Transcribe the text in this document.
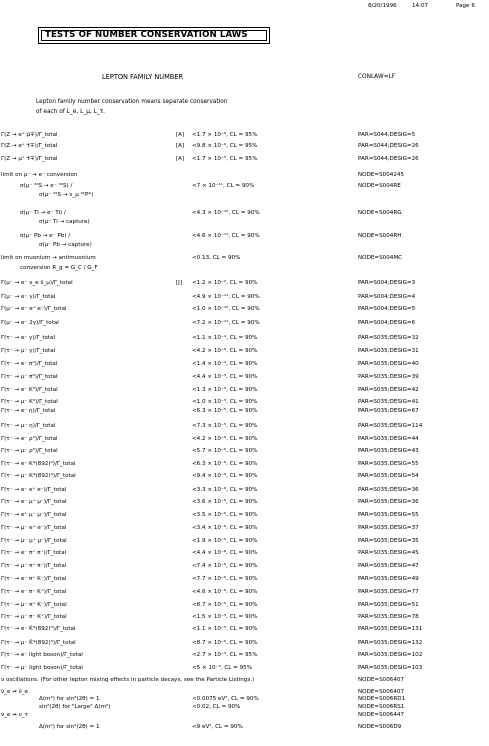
8/20/1996	14:07	Page 6
TESTS OF NUMBER CONSERVATION LAWS
LEPTON FAMILY NUMBER	CONLAW=LF
Lepton family number conservation means separate conservation
of each of L_e, L_μ, L_τ.
Γ(Z → e⁺ μ̄∓)/Γ_total	[A] <1.7 × 10⁻⁶, CL = 95%	PAR=S044;DESIG=5
Γ(Z → e⁺ τ̄∓)/Γ_total	[A] <9.8 × 10⁻⁶, CL = 95%	PAR=S044;DESIG=26
Γ(Z → μ⁺ τ̄∓)/Γ_total	[A] <1.7 × 10⁻⁵, CL = 95%	PAR=S044;DESIG=26
limit on μ⁻ → e⁻ conversion	NODE=S004245
σ(μ⁻ ³²S → e⁻ ³²S) /	<7 × 10⁻¹¹, CL = 90%	NODE=S004RE
σ(μ⁻ ³²S → ν_μ ³²P*)
σ(μ⁻ Ti → e⁻ Ti) /	<4.3 × 10⁻¹², CL = 90%	NODE=S004RG
σ(μ⁻ Ti → capture)
σ(μ⁻ Pb → e⁻ Pb) /	<4.6 × 10⁻¹¹, CL = 90%	NODE=S004RH
σ(μ⁻ Pb → capture)
limit on muonium → antimuonium	<0.13, CL = 90%	NODE=S004MC
conversion R_g = G_C / G_F
Γ(μ⁻ → e⁻ ν_e ν̄_μ)/Γ_total	[J] <1.2 × 10⁻², CL = 90%	PAR=S004;DESIG=3
Γ(μ⁻ → e⁻ γ)/Γ_total	<4.9 × 10⁻¹¹, CL = 90%	PAR=S004;DESIG=4
Γ(μ⁻ → e⁻ e⁺ e⁻)/Γ_total	<1.0 × 10⁻¹², CL = 90%	PAR=S004;DESIG=5
Γ(μ⁻ → e⁻ 2γ)/Γ_total	<7.2 × 10⁻¹¹, CL = 90%	PAR=S004;DESIG=6
Γ(τ⁻ → e⁻ γ)/Γ_total	<1.1 × 10⁻⁴, CL = 90%	PAR=S035;DESIG=32
Γ(τ⁻ → μ⁻ γ)/Γ_total	<4.2 × 10⁻⁶, CL = 90%	PAR=S035;DESIG=31
Γ(τ⁻ → e⁻ π⁰)/Γ_total	<1.4 × 10⁻⁴, CL = 90%	PAR=S035;DESIG=40
Γ(τ⁻ → μ⁻ π⁰)/Γ_total	<4.4 × 10⁻⁵, CL = 90%	PAR=S035;DESIG=39
Γ(τ⁻ → e⁻ K⁰)/Γ_total	<1.3 × 10⁻³, CL = 90%	PAR=S035;DESIG=42
Γ(τ⁻ → μ⁻ K⁰)/Γ_total	<1.0 × 10⁻³, CL = 90%	PAR=S035;DESIG=41
Γ(τ⁻ → e⁻ η)/Γ_total	<6.3 × 10⁻⁵, CL = 90%	PAR=S035;DESIG=67
Γ(τ⁻ → μ⁻ η)/Γ_total	<7.3 × 10⁻⁵, CL = 90%	PAR=S035;DESIG=114
Γ(τ⁻ → e⁻ ρ⁰)/Γ_total	<4.2 × 10⁻⁶, CL = 90%	PAR=S035;DESIG=44
Γ(τ⁻ → μ⁻ ρ⁰)/Γ_total	<5.7 × 10⁻⁶, CL = 90%	PAR=S035;DESIG=43
Γ(τ⁻ → e⁻ K*(892)⁰)/Γ_total	<6.3 × 10⁻⁶, CL = 90%	PAR=S035;DESIG=55
Γ(τ⁻ → μ⁻ K*(892)⁰)/Γ_total	<9.4 × 10⁻⁶, CL = 90%	PAR=S035;DESIG=54
Γ(τ⁻ → e⁻ e⁺ e⁻)/Γ_total	<3.3 × 10⁻⁶, CL = 90%	PAR=S035;DESIG=36
Γ(τ⁻ → e⁻ μ⁺ μ⁻)/Γ_total	<3.6 × 10⁻⁶, CL = 90%	PAR=S035;DESIG=36
Γ(τ⁻ → e⁺ μ⁻ μ⁻)/Γ_total	<3.5 × 10⁻⁶, CL = 90%	PAR=S035;DESIG=55
Γ(τ⁻ → μ⁻ e⁺ e⁻)/Γ_total	<3.4 × 10⁻⁶, CL = 90%	PAR=S035;DESIG=37
Γ(τ⁻ → μ⁻ μ⁺ μ⁻)/Γ_total	<1.9 × 10⁻⁶, CL = 90%	PAR=S035;DESIG=35
Γ(τ⁻ → e⁻ π⁺ π⁻)/Γ_total	<4.4 × 10⁻⁶, CL = 90%	PAR=S035;DESIG=45
Γ(τ⁻ → μ⁻ π⁺ π⁻)/Γ_total	<7.4 × 10⁻⁶, CL = 90%	PAR=S035;DESIG=47
Γ(τ⁻ → e⁻ π⁺ K⁻)/Γ_total	<7.7 × 10⁻⁶, CL = 90%	PAR=S035;DESIG=49
Γ(τ⁻ → e⁻ π⁻ K⁺)/Γ_total	<4.6 × 10⁻⁶, CL = 90%	PAR=S035;DESIG=77
Γ(τ⁻ → μ⁻ π⁺ K⁻)/Γ_total	<8.7 × 10⁻⁶, CL = 90%	PAR=S035;DESIG=51
Γ(τ⁻ → μ⁻ π⁻ K⁺)/Γ_total	<1.5 × 10⁻⁵, CL = 90%	PAR=S035;DESIG=78
Γ(τ⁻ → e⁻ K̄*(892)⁰)/Γ_total	<1.1 × 10⁻⁵, CL = 90%	PAR=S035;DESIG=131
Γ(τ⁻ → μ⁻ K̄*(892)⁰)/Γ_total	<8.7 × 10⁻⁶, CL = 90%	PAR=S035;DESIG=132
Γ(τ⁻ → e⁻ light boson)/Γ_total	<2.7 × 10⁻³, CL = 95%	PAR=S035;DESIG=102
Γ(τ⁻ → μ⁻ light boson)/Γ_total	<5 × 10⁻³, CL = 95%	PAR=S035;DESIG=103
ν oscillations. (For other lepton mixing effects in particle decays, see the Particle Listings.)	NODE=S006407
ν̄_e ↛ ν̄_e	NODE=S006407
Δ(m²) for sin²(2θ) = 1	<0.0075 eV², CL = 90%	NODE=S006RD1
sin²(2θ) for "Large" Δ(m²)	<0.02, CL = 90%	NODE=S006RS1
ν_e ↛ ν_τ	NODE=S006447
Δ(m²) for sin²(2θ) = 1	<9 eV², CL = 90%	NODE=S006D9
